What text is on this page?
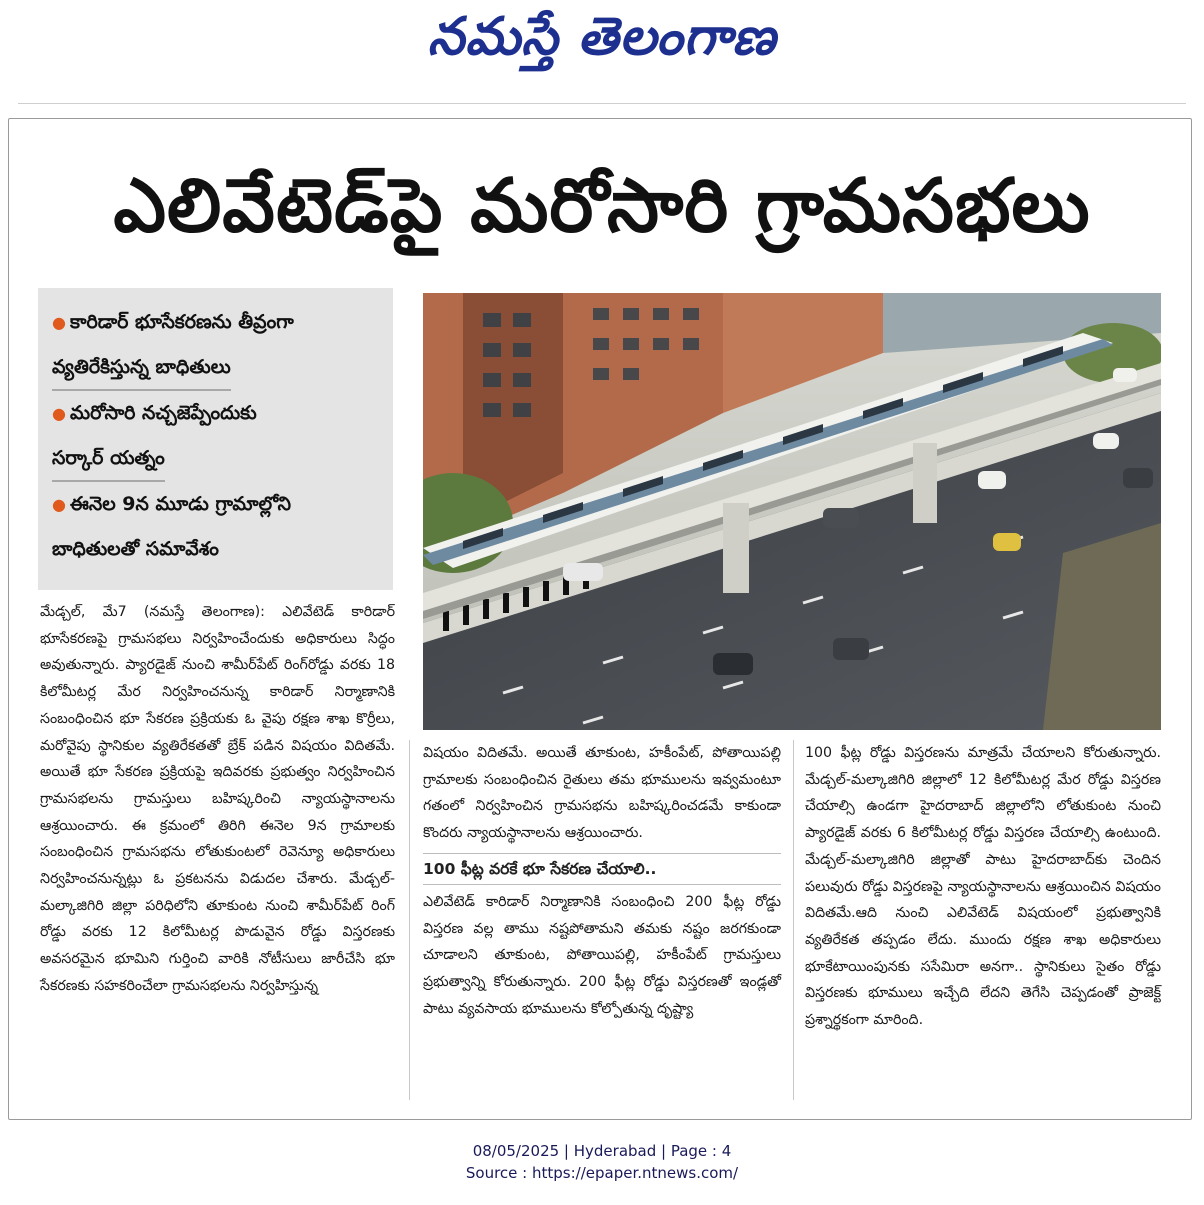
నమస్తే తెలంగాణ
ఎలివేటెడ్‌పై మరోసారి గ్రామసభలు
● కారిడార్ భూసేకరణను తీవ్రంగా
వ్యతిరేకిస్తున్న బాధితులు
● మరోసారి నచ్చజెప్పేందుకు
సర్కార్ యత్నం
● ఈనెల 9న మూడు గ్రామాల్లోని
బాధితులతో సమావేశం

మేడ్చల్, మే7 (నమస్తే తెలంగాణ): ఎలివేటెడ్ కారిడార్ భూసేకరణపై గ్రామసభలు నిర్వహించేందుకు అధికారులు సిద్ధం అవుతున్నారు. ప్యారడైజ్ నుంచి శామీర్‌పేట్ రింగ్‌రోడ్డు వరకు 18 కిలోమీటర్ల మేర నిర్వహించనున్న కారిడార్ నిర్మాణానికి సంబంధించిన భూ సేకరణ ప్రక్రియకు ఓ వైపు రక్షణ శాఖ కొర్రీలు, మరోవైపు స్థానికుల వ్యతిరేకతతో బ్రేక్ పడిన విషయం విదితమే. అయితే భూ సేకరణ ప్రక్రియపై ఇదివరకు ప్రభుత్వం నిర్వహించిన గ్రామసభలను గ్రామస్తులు బహిష్కరించి న్యాయస్థానాలను ఆశ్రయించారు. ఈ క్రమంలో తిరిగి ఈనెల 9న గ్రామాలకు సంబంధించిన గ్రామసభను లోతుకుంటలో రెవెన్యూ అధికారులు నిర్వహించనున్నట్లు ఓ ప్రకటనను విడుదల చేశారు. మేడ్చల్-మల్కాజిగిరి జిల్లా పరిధిలోని తూకుంట నుంచి శామీర్‌పేట్ రింగ్ రోడ్డు వరకు 12 కిలోమీటర్ల పొడువైన రోడ్డు విస్తరణకు అవసరమైన భూమిని గుర్తించి వారికి నోటీసులు జారీచేసి భూ సేకరణకు సహకరించేలా గ్రామసభలను నిర్వహిస్తున్న

విషయం విదితమే. అయితే తూకుంట, హకీంపేట్, పోతాయిపల్లి గ్రామాలకు సంబంధించిన రైతులు తమ భూములను ఇవ్వమంటూ గతంలో నిర్వహించిన గ్రామసభను బహిష్కరించడమే కాకుండా కొందరు న్యాయస్థానాలను ఆశ్రయించారు.

100 ఫీట్ల వరకే భూ సేకరణ చేయాలి..

ఎలివేటెడ్ కారిడార్ నిర్మాణానికి సంబంధించి 200 ఫీట్ల రోడ్డు విస్తరణ వల్ల తాము నష్టపోతామని తమకు నష్టం జరగకుండా చూడాలని తూకుంట, పోతాయిపల్లి, హకీంపేట్ గ్రామస్తులు ప్రభుత్వాన్ని కోరుతున్నారు. 200 ఫీట్ల రోడ్డు విస్తరణతో ఇండ్లతో పాటు వ్యవసాయ భూములను కోల్పోతున్న దృష్ట్యా

100 ఫీట్ల రోడ్డు విస్తరణను మాత్రమే చేయాలని కోరుతున్నారు. మేడ్చల్-మల్కాజిగిరి జిల్లాలో 12 కిలోమీటర్ల మేర రోడ్డు విస్తరణ చేయాల్సి ఉండగా హైదరాబాద్ జిల్లాలోని లోతుకుంట నుంచి ప్యారడైజ్ వరకు 6 కిలోమీటర్ల రోడ్డు విస్తరణ చేయాల్సి ఉంటుంది. మేడ్చల్-మల్కాజిగిరి జిల్లాతో పాటు హైదరాబాద్‌కు చెందిన పలువురు రోడ్డు విస్తరణపై న్యాయస్థానాలను ఆశ్రయించిన విషయం విదితమే.ఆది నుంచి ఎలివేటెడ్ విషయంలో ప్రభుత్వానికి వ్యతిరేకత తప్పడం లేదు. ముందు రక్షణ శాఖ అధికారులు భూకేటాయింపునకు ససేమిరా అనగా.. స్థానికులు సైతం రోడ్డు విస్తరణకు భూములు ఇచ్చేది లేదని తెగేసి చెప్పడంతో ప్రాజెక్ట్ ప్రశ్నార్థకంగా మారింది.

08/05/2025 | Hyderabad | Page : 4
Source : https://epaper.ntnews.com/
